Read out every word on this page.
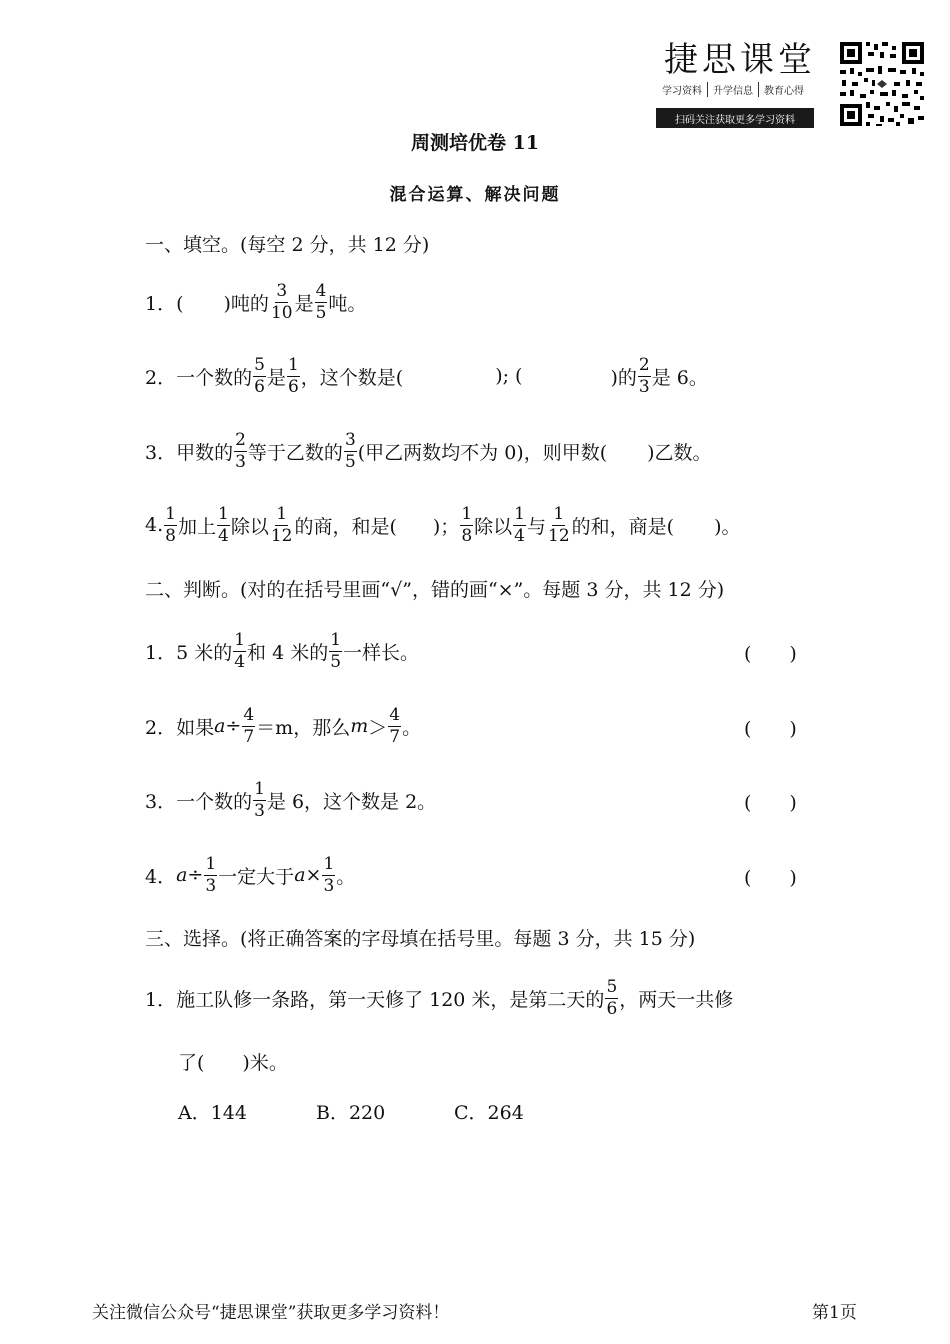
捷思课堂
学习资料	升学信息	教育心得
扫码关注获取更多学习资料
周测培优卷 11
混合运算、解决问题
一、填空。(每空 2 分，共 12 分)
1．( )吨的 $\frac{3}{10}$ 是 $\frac{4}{5}$ 吨。
2．一个数的 $\frac{5}{6}$ 是 $\frac{1}{6}$ ，这个数是(	); (	)的 $\frac{2}{3}$ 是 6。
3．甲数的 $\frac{2}{3}$ 等于乙数的 $\frac{3}{5}$ (甲乙两数均不为 0)，则甲数( )乙数。
4. $\frac{1}{8}$ 加上 $\frac{1}{4}$ 除以 $\frac{1}{12}$ 的商，和是( )； $\frac{1}{8}$ 除以 $\frac{1}{4}$ 与 $\frac{1}{12}$ 的和，商是( )。
二、判断。(对的在括号里画“√”，错的画“×”。每题 3 分，共 12 分)
1．5 米的 $\frac{1}{4}$ 和 4 米的 $\frac{1}{5}$ 一样长。	(　　)
2．如果 $a \div \frac{4}{7} =m$，那么 $m > \frac{4}{7}$ 。	(　　)
3．一个数的 $\frac{1}{3}$ 是 6，这个数是 2。	(　　)
4． $a \div \frac{1}{3}$ 一定大于 $a \times \frac{1}{3}$ 。	(　　)
三、选择。(将正确答案的字母填在括号里。每题 3 分，共 15 分)
1．施工队修一条路，第一天修了 120 米，是第二天的 $\frac{5}{6}$ ，两天一共修
了(　　)米。
A．144	B．220	C．264
关注微信公众号“捷思课堂”获取更多学习资料！	第1页
